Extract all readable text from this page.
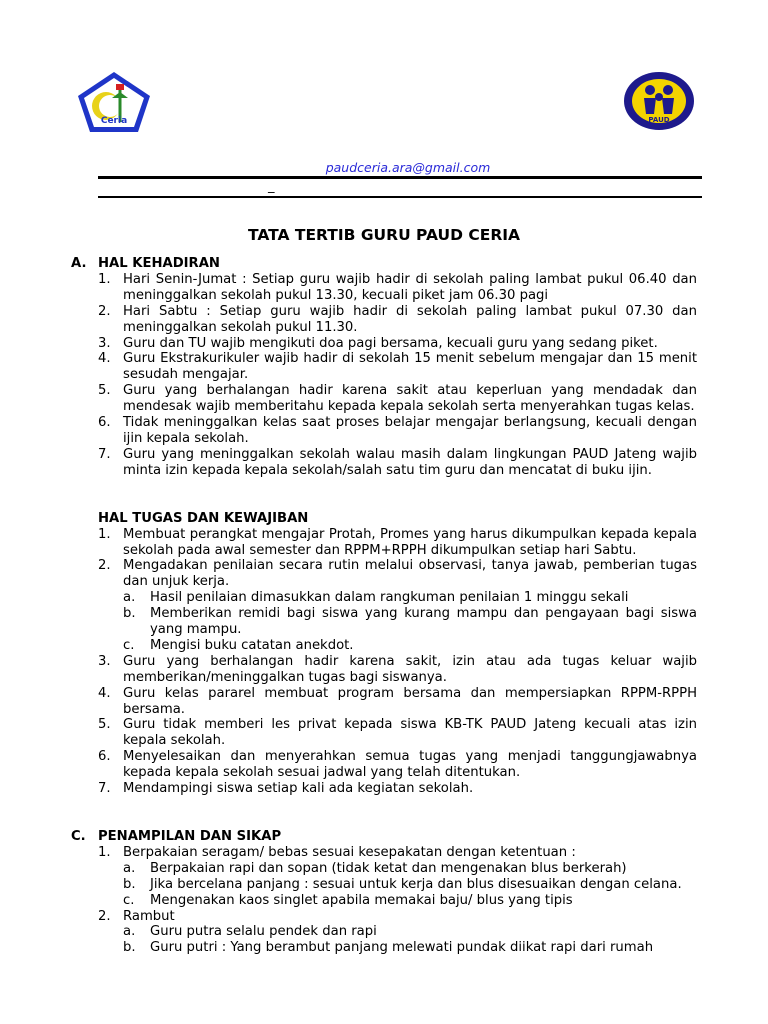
Ceria	PAUD
paudceria.ara@gmail.com
_
TATA TERTIB GURU PAUD CERIA
A. HAL KEHADIRAN
1. Hari Senin-Jumat : Setiap guru wajib hadir di sekolah paling lambat pukul 06.40 dan meninggalkan sekolah pukul 13.30, kecuali piket jam 06.30 pagi
2. Hari Sabtu : Setiap guru wajib hadir di sekolah paling lambat pukul 07.30 dan meninggalkan sekolah pukul 11.30.
3. Guru dan TU wajib mengikuti doa pagi bersama, kecuali guru yang sedang piket.
4. Guru Ekstrakurikuler wajib hadir di sekolah 15 menit sebelum mengajar dan 15 menit sesudah mengajar.
5. Guru yang berhalangan hadir karena sakit atau keperluan yang mendadak dan mendesak wajib memberitahu kepada kepala sekolah serta menyerahkan tugas kelas.
6. Tidak meninggalkan kelas saat proses belajar mengajar berlangsung, kecuali dengan ijin kepala sekolah.
7. Guru yang meninggalkan sekolah walau masih dalam lingkungan PAUD Jateng wajib minta izin kepada kepala sekolah/salah satu tim guru dan mencatat di buku ijin.
HAL TUGAS DAN KEWAJIBAN
1. Membuat perangkat mengajar Protah, Promes yang harus dikumpulkan kepada kepala sekolah pada awal semester dan RPPM+RPPH dikumpulkan setiap hari Sabtu.
2. Mengadakan penilaian secara rutin melalui observasi, tanya jawab, pemberian tugas dan unjuk kerja.
a.	Hasil penilaian dimasukkan dalam rangkuman penilaian 1 minggu sekali
b.	Memberikan remidi bagi siswa yang kurang mampu dan pengayaan bagi siswa yang mampu.
c.	Mengisi buku catatan anekdot.
3. Guru yang berhalangan hadir karena sakit, izin atau ada tugas keluar wajib memberikan/meninggalkan tugas bagi siswanya.
4. Guru kelas pararel membuat program bersama dan mempersiapkan RPPM-RPPH bersama.
5. Guru tidak memberi les privat kepada siswa KB-TK PAUD Jateng kecuali atas izin kepala sekolah.
6. Menyelesaikan dan menyerahkan semua tugas yang menjadi tanggungjawabnya kepada kepala sekolah sesuai jadwal yang telah ditentukan.
7. Mendampingi siswa setiap kali ada kegiatan sekolah.
C. PENAMPILAN DAN SIKAP
1. Berpakaian seragam/ bebas sesuai kesepakatan dengan ketentuan :
a.	Berpakaian rapi dan sopan (tidak ketat dan mengenakan blus berkerah)
b.	Jika bercelana panjang : sesuai untuk kerja dan blus disesuaikan dengan celana.
c.	Mengenakan kaos singlet apabila memakai baju/ blus yang tipis
2. Rambut
a.	Guru putra selalu pendek dan rapi
b.	Guru putri : Yang berambut panjang melewati pundak diikat rapi dari rumah
